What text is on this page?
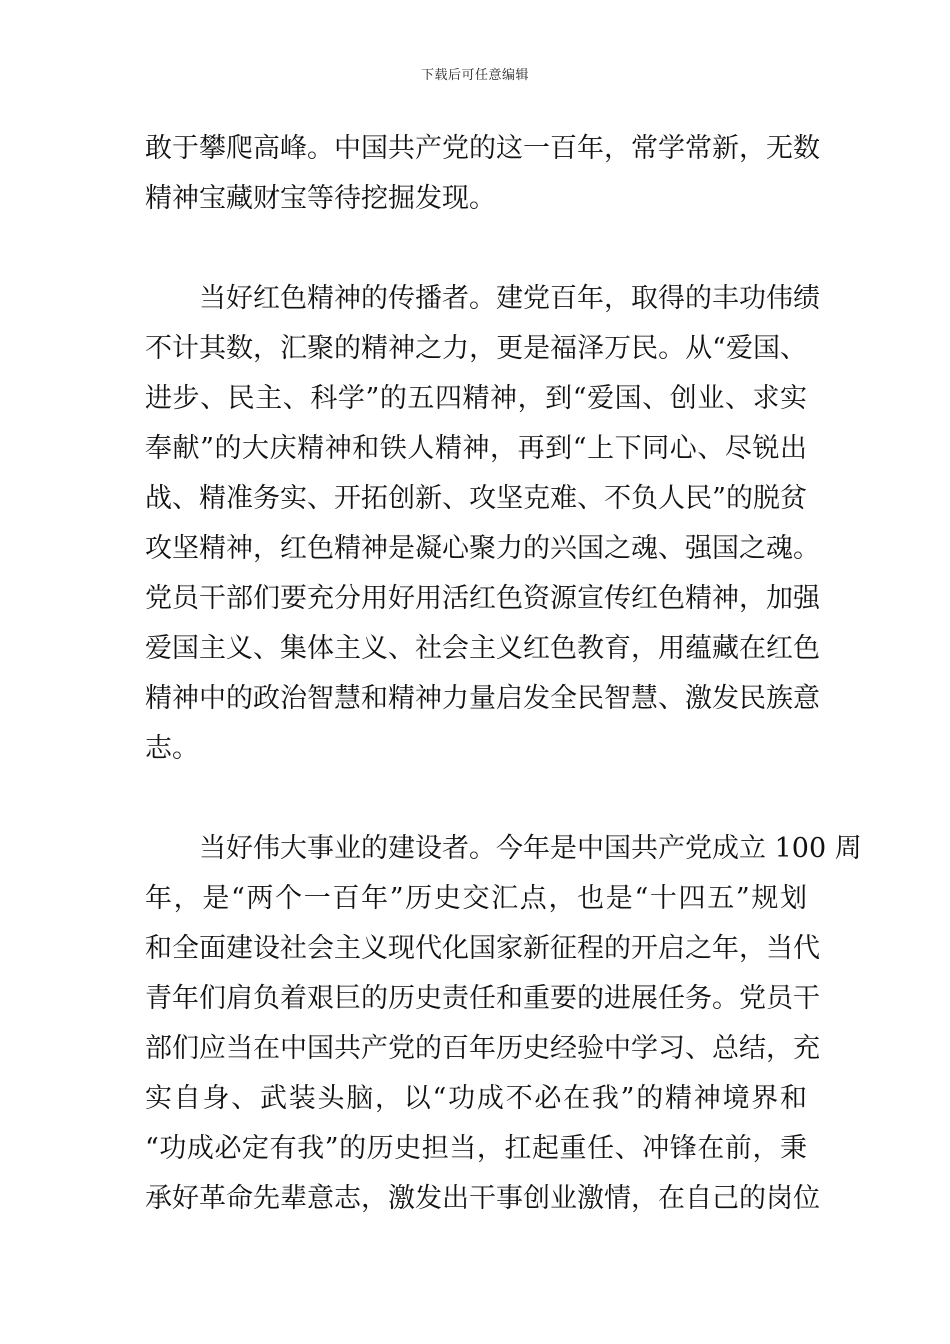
下载后可任意编辑
敢于攀爬高峰。中国共产党的这一百年，常学常新，无数
精神宝藏财宝等待挖掘发现。
当好红色精神的传播者。建党百年，取得的丰功伟绩
不计其数，汇聚的精神之力，更是福泽万民。从“爱国、
进步、民主、科学”的五四精神，到“爱国、创业、求实
奉献”的大庆精神和铁人精神，再到“上下同心、尽锐出
战、精准务实、开拓创新、攻坚克难、不负人民”的脱贫
攻坚精神，红色精神是凝心聚力的兴国之魂、强国之魂。
党员干部们要充分用好用活红色资源宣传红色精神，加强
爱国主义、集体主义、社会主义红色教育，用蕴藏在红色
精神中的政治智慧和精神力量启发全民智慧、激发民族意
志。
当好伟大事业的建设者。今年是中国共产党成立 100 周
年，是“两个一百年”历史交汇点，也是“十四五”规划
和全面建设社会主义现代化国家新征程的开启之年，当代
青年们肩负着艰巨的历史责任和重要的进展任务。党员干
部们应当在中国共产党的百年历史经验中学习、总结，充
实自身、武装头脑，以“功成不必在我”的精神境界和
“功成必定有我”的历史担当，扛起重任、冲锋在前，秉
承好革命先辈意志，激发出干事创业激情，在自己的岗位
